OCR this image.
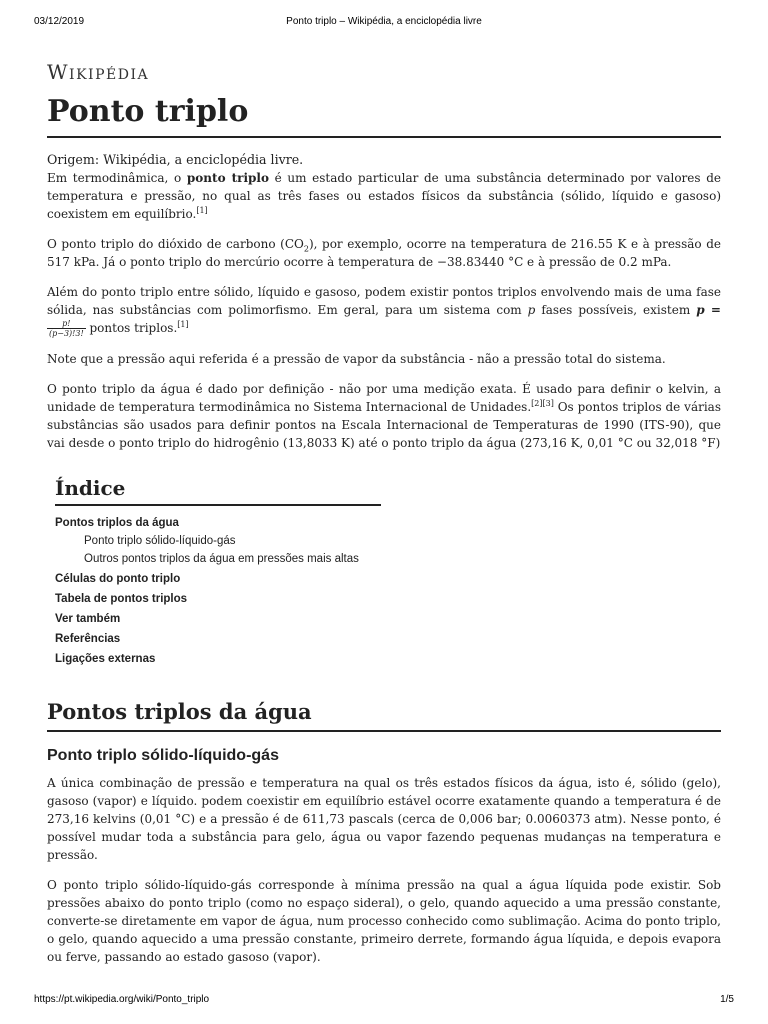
03/12/2019	Ponto triplo – Wikipédia, a enciclopédia livre
Wikipédia
Ponto triplo
Origem: Wikipédia, a enciclopédia livre.

Em termodinâmica, o ponto triplo é um estado particular de uma substância determinado por valores de temperatura e pressão, no qual as três fases ou estados físicos da substância (sólido, líquido e gasoso) coexistem em equilíbrio.[1]

O ponto triplo do dióxido de carbono $(CO_2)$, por exemplo, ocorre na temperatura de 216.55 K e à pressão de 517 kPa. Já o ponto triplo do mercúrio ocorre à temperatura de −38.83440 °C e à pressão de 0.2 mPa.

Além do ponto triplo entre sólido, líquido e gasoso, podem existir pontos triplos envolvendo mais de uma fase sólida, nas substâncias com polimorfismo. Em geral, para um sistema com p fases possíveis, existem p =
$\frac{p!}{(p-3)!3!}$ pontos triplos.[1]

Note que a pressão aqui referida é a pressão de vapor da substância - não a pressão total do sistema.

O ponto triplo da água é dado por definição - não por uma medição exata. É usado para definir o kelvin, a unidade de temperatura termodinâmica no Sistema Internacional de Unidades.[2][3] Os pontos triplos de várias substâncias são usados para definir pontos na Escala Internacional de Temperaturas de 1990 (ITS-90), que vai desde o ponto triplo do hidrogênio (13,8033 K) até o ponto triplo da água (273,16 K, 0,01 °C ou 32,018 °F)

Índice
Pontos triplos da água
Ponto triplo sólido-líquido-gás
Outros pontos triplos da água em pressões mais altas
Células do ponto triplo
Tabela de pontos triplos
Ver também
Referências
Ligações externas
Pontos triplos da água
Ponto triplo sólido-líquido-gás

A única combinação de pressão e temperatura na qual os três estados físicos da água, isto é, sólido (gelo), gasoso (vapor) e líquido. podem coexistir em equilíbrio estável ocorre exatamente quando a temperatura é de 273,16 kelvins (0,01 °C) e a pressão é de 611,73 pascals (cerca de 0,006 bar; 0.0060373 atm). Nesse ponto, é possível mudar toda a substância para gelo, água ou vapor fazendo pequenas mudanças na temperatura e pressão.

O ponto triplo sólido-líquido-gás corresponde à mínima pressão na qual a água líquida pode existir. Sob pressões abaixo do ponto triplo (como no espaço sideral), o gelo, quando aquecido a uma pressão constante, converte-se diretamente em vapor de água, num processo conhecido como sublimação. Acima do ponto triplo, o gelo, quando aquecido a uma pressão constante, primeiro derrete, formando água líquida, e depois evapora ou ferve, passando ao estado gasoso (vapor).

https://pt.wikipedia.org/wiki/Ponto_triplo	1/5
